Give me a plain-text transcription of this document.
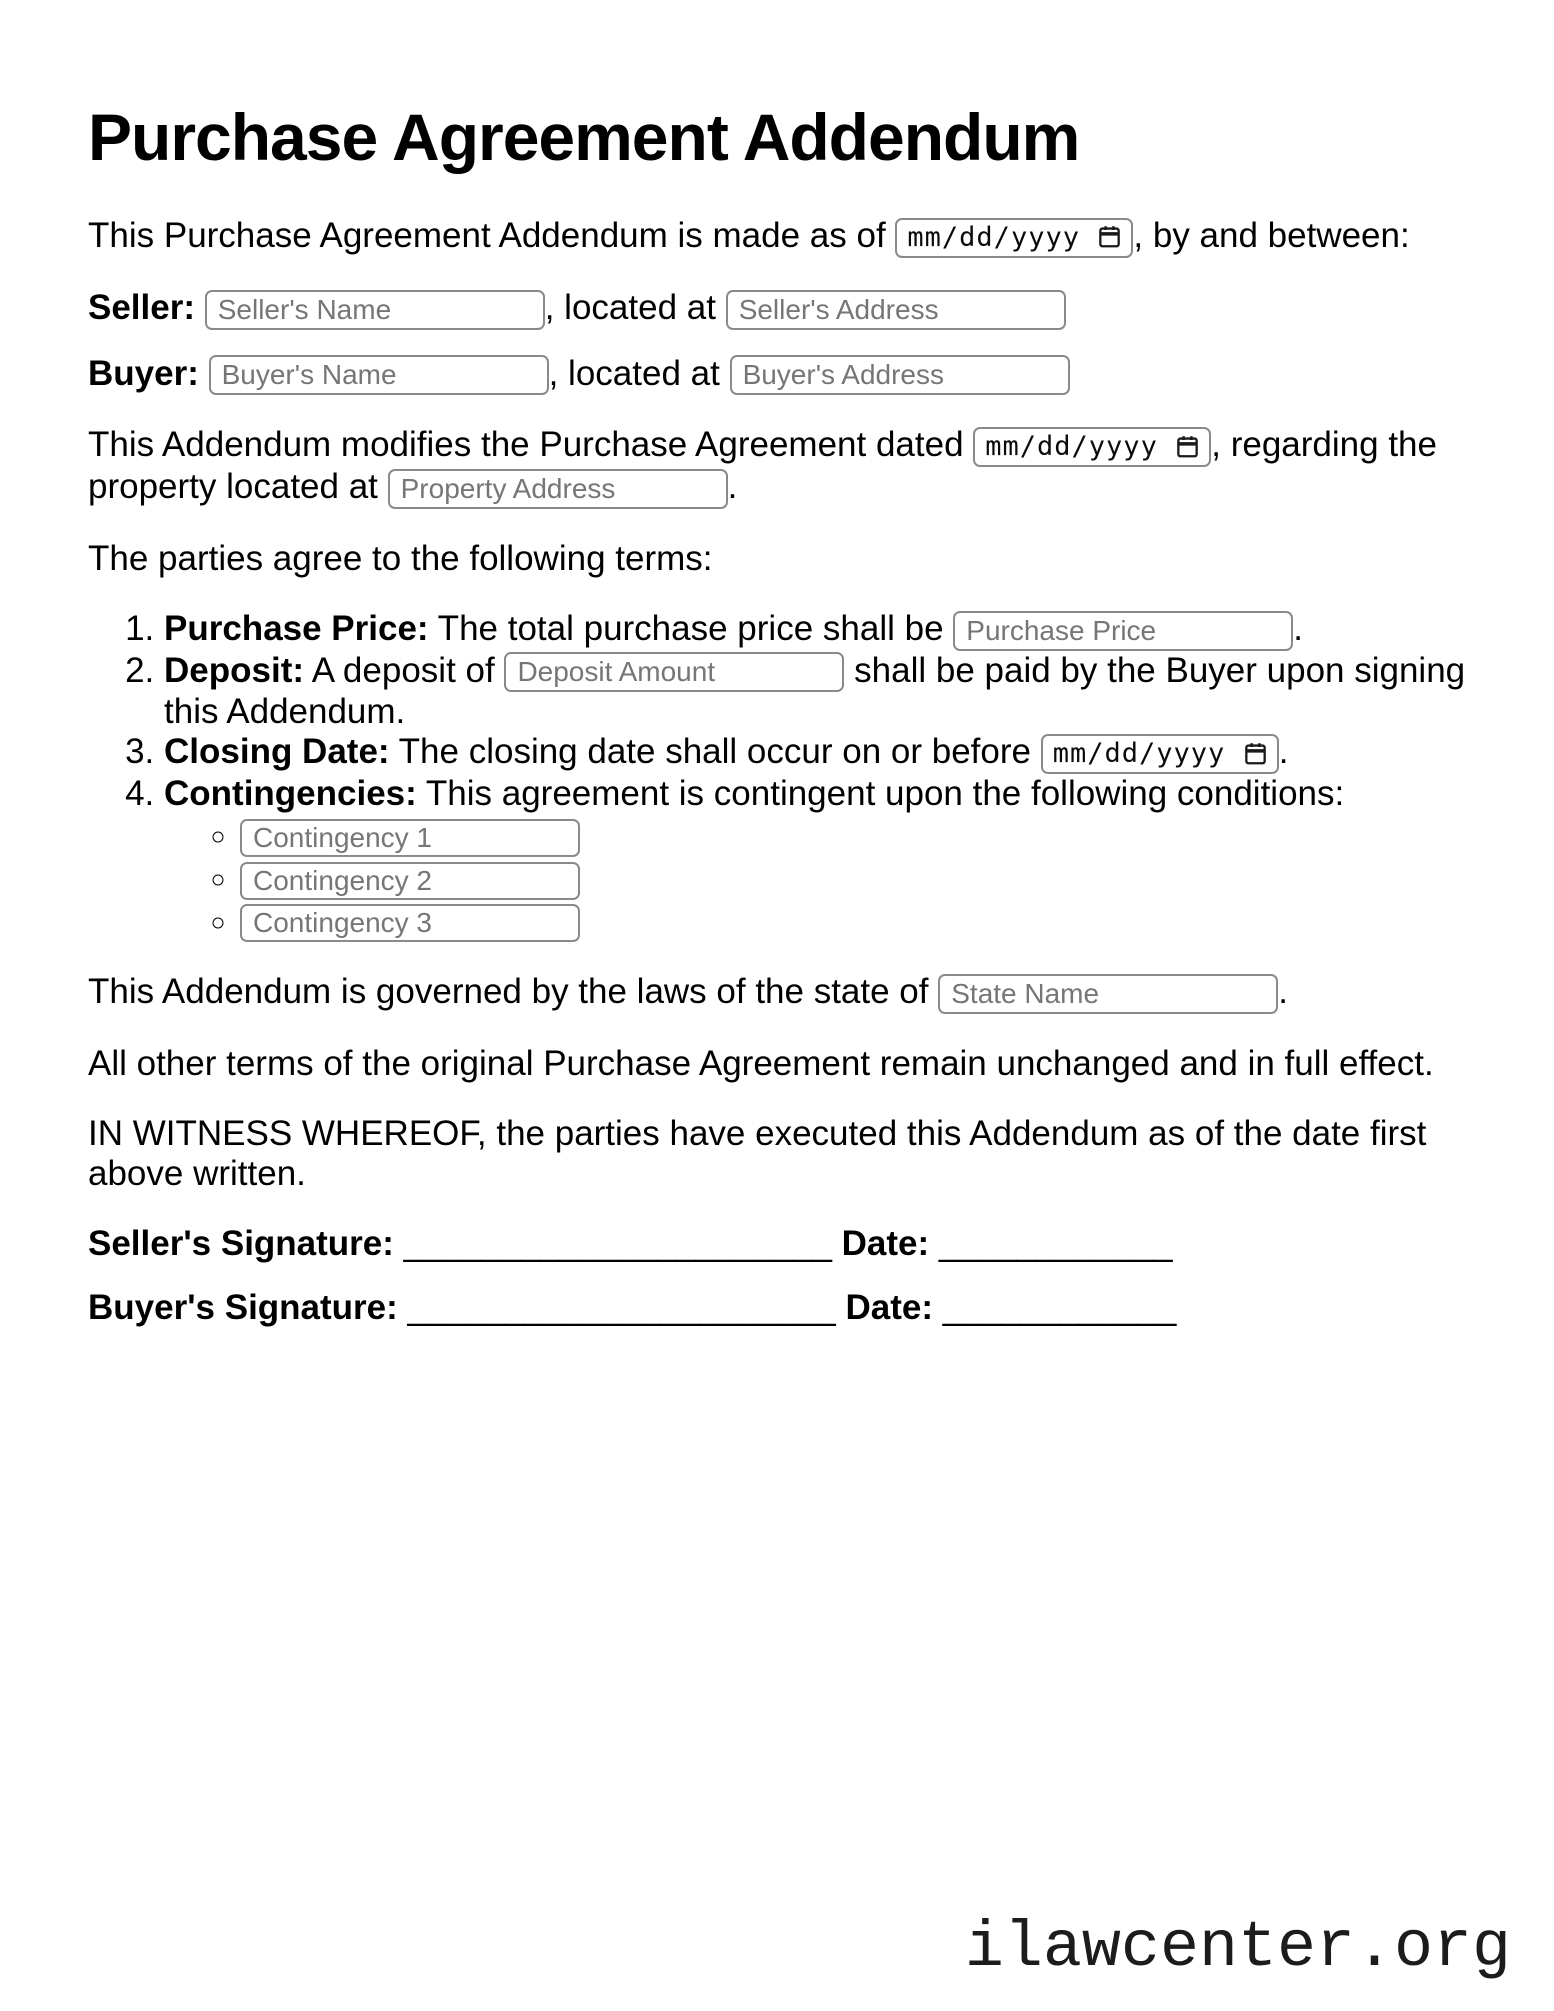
Purchase Agreement Addendum

This Purchase Agreement Addendum is made as of mm/dd/yyyy , by and between:

Seller: Seller's Name	, located at Seller's Address

Buyer: Buyer's Name	, located at Buyer's Address

This Addendum modifies the Purchase Agreement dated mm/dd/yyyy , regarding the property located at Property Address	.

The parties agree to the following terms:

1. Purchase Price: The total purchase price shall be Purchase Price	.
2. Deposit: A deposit of Deposit Amount	shall be paid by the Buyer upon signing this Addendum.
3. Closing Date: The closing date shall occur on or before mm/dd/yyyy .
4. Contingencies: This agreement is contingent upon the following conditions:
◦ Contingency 1
◦ Contingency 2
◦ Contingency 3

This Addendum is governed by the laws of the state of State Name	.

All other terms of the original Purchase Agreement remain unchanged and in full effect.

IN WITNESS WHEREOF, the parties have executed this Addendum as of the date first above written.

Seller's Signature: ______________________ Date: ____________

Buyer's Signature: ______________________ Date: ____________

ilawcenter.org
